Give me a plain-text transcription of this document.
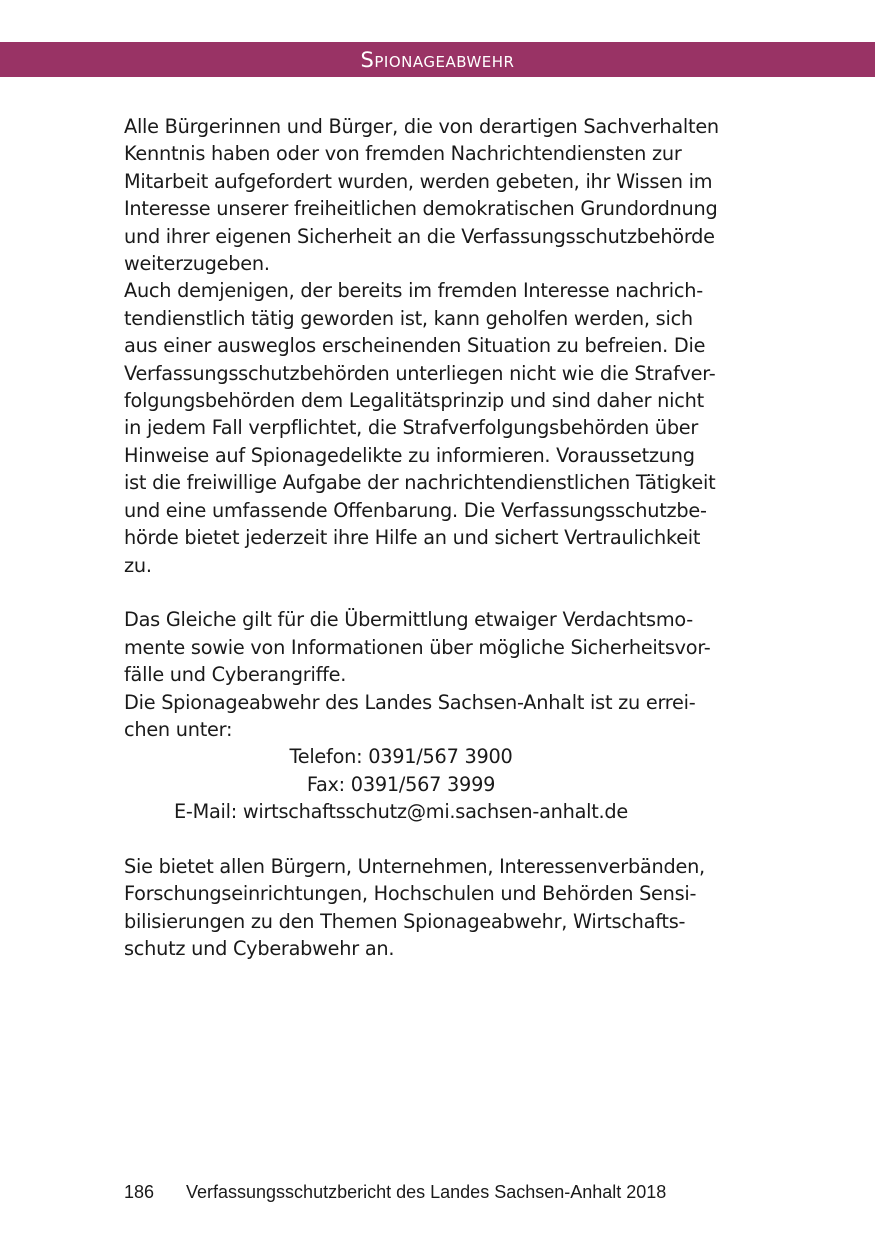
Spionageabwehr

Alle Bürgerinnen und Bürger, die von derartigen Sachverhalten

Kenntnis haben oder von fremden Nachrichtendiensten zur

Mitarbeit aufgefordert wurden, werden gebeten, ihr Wissen im

Interesse unserer freiheitlichen demokratischen Grundordnung

und ihrer eigenen Sicherheit an die Verfassungsschutzbehörde

weiterzugeben.

Auch demjenigen, der bereits im fremden Interesse nachrich-

tendienstlich tätig geworden ist, kann geholfen werden, sich

aus einer ausweglos erscheinenden Situation zu befreien. Die

Verfassungsschutzbehörden unterliegen nicht wie die Strafver-

folgungsbehörden dem Legalitätsprinzip und sind daher nicht

in jedem Fall verpflichtet, die Strafverfolgungsbehörden über

Hinweise auf Spionagedelikte zu informieren. Voraussetzung

ist die freiwillige Aufgabe der nachrichtendienstlichen Tätigkeit

und eine umfassende Offenbarung. Die Verfassungsschutzbe-

hörde bietet jederzeit ihre Hilfe an und sichert Vertraulichkeit

zu.

Das Gleiche gilt für die Übermittlung etwaiger Verdachtsmo-

mente sowie von Informationen über mögliche Sicherheitsvor-

fälle und Cyberangriffe.

Die Spionageabwehr des Landes Sachsen-Anhalt ist zu errei-

chen unter:

Telefon: 0391/567 3900

Fax: 0391/567 3999

E-Mail: wirtschaftsschutz@mi.sachsen-anhalt.de

Sie bietet allen Bürgern, Unternehmen, Interessenverbänden,

Forschungseinrichtungen, Hochschulen und Behörden Sensi-

bilisierungen zu den Themen Spionageabwehr, Wirtschafts-

schutz und Cyberabwehr an.

186 Verfassungsschutzbericht des Landes Sachsen-Anhalt 2018
